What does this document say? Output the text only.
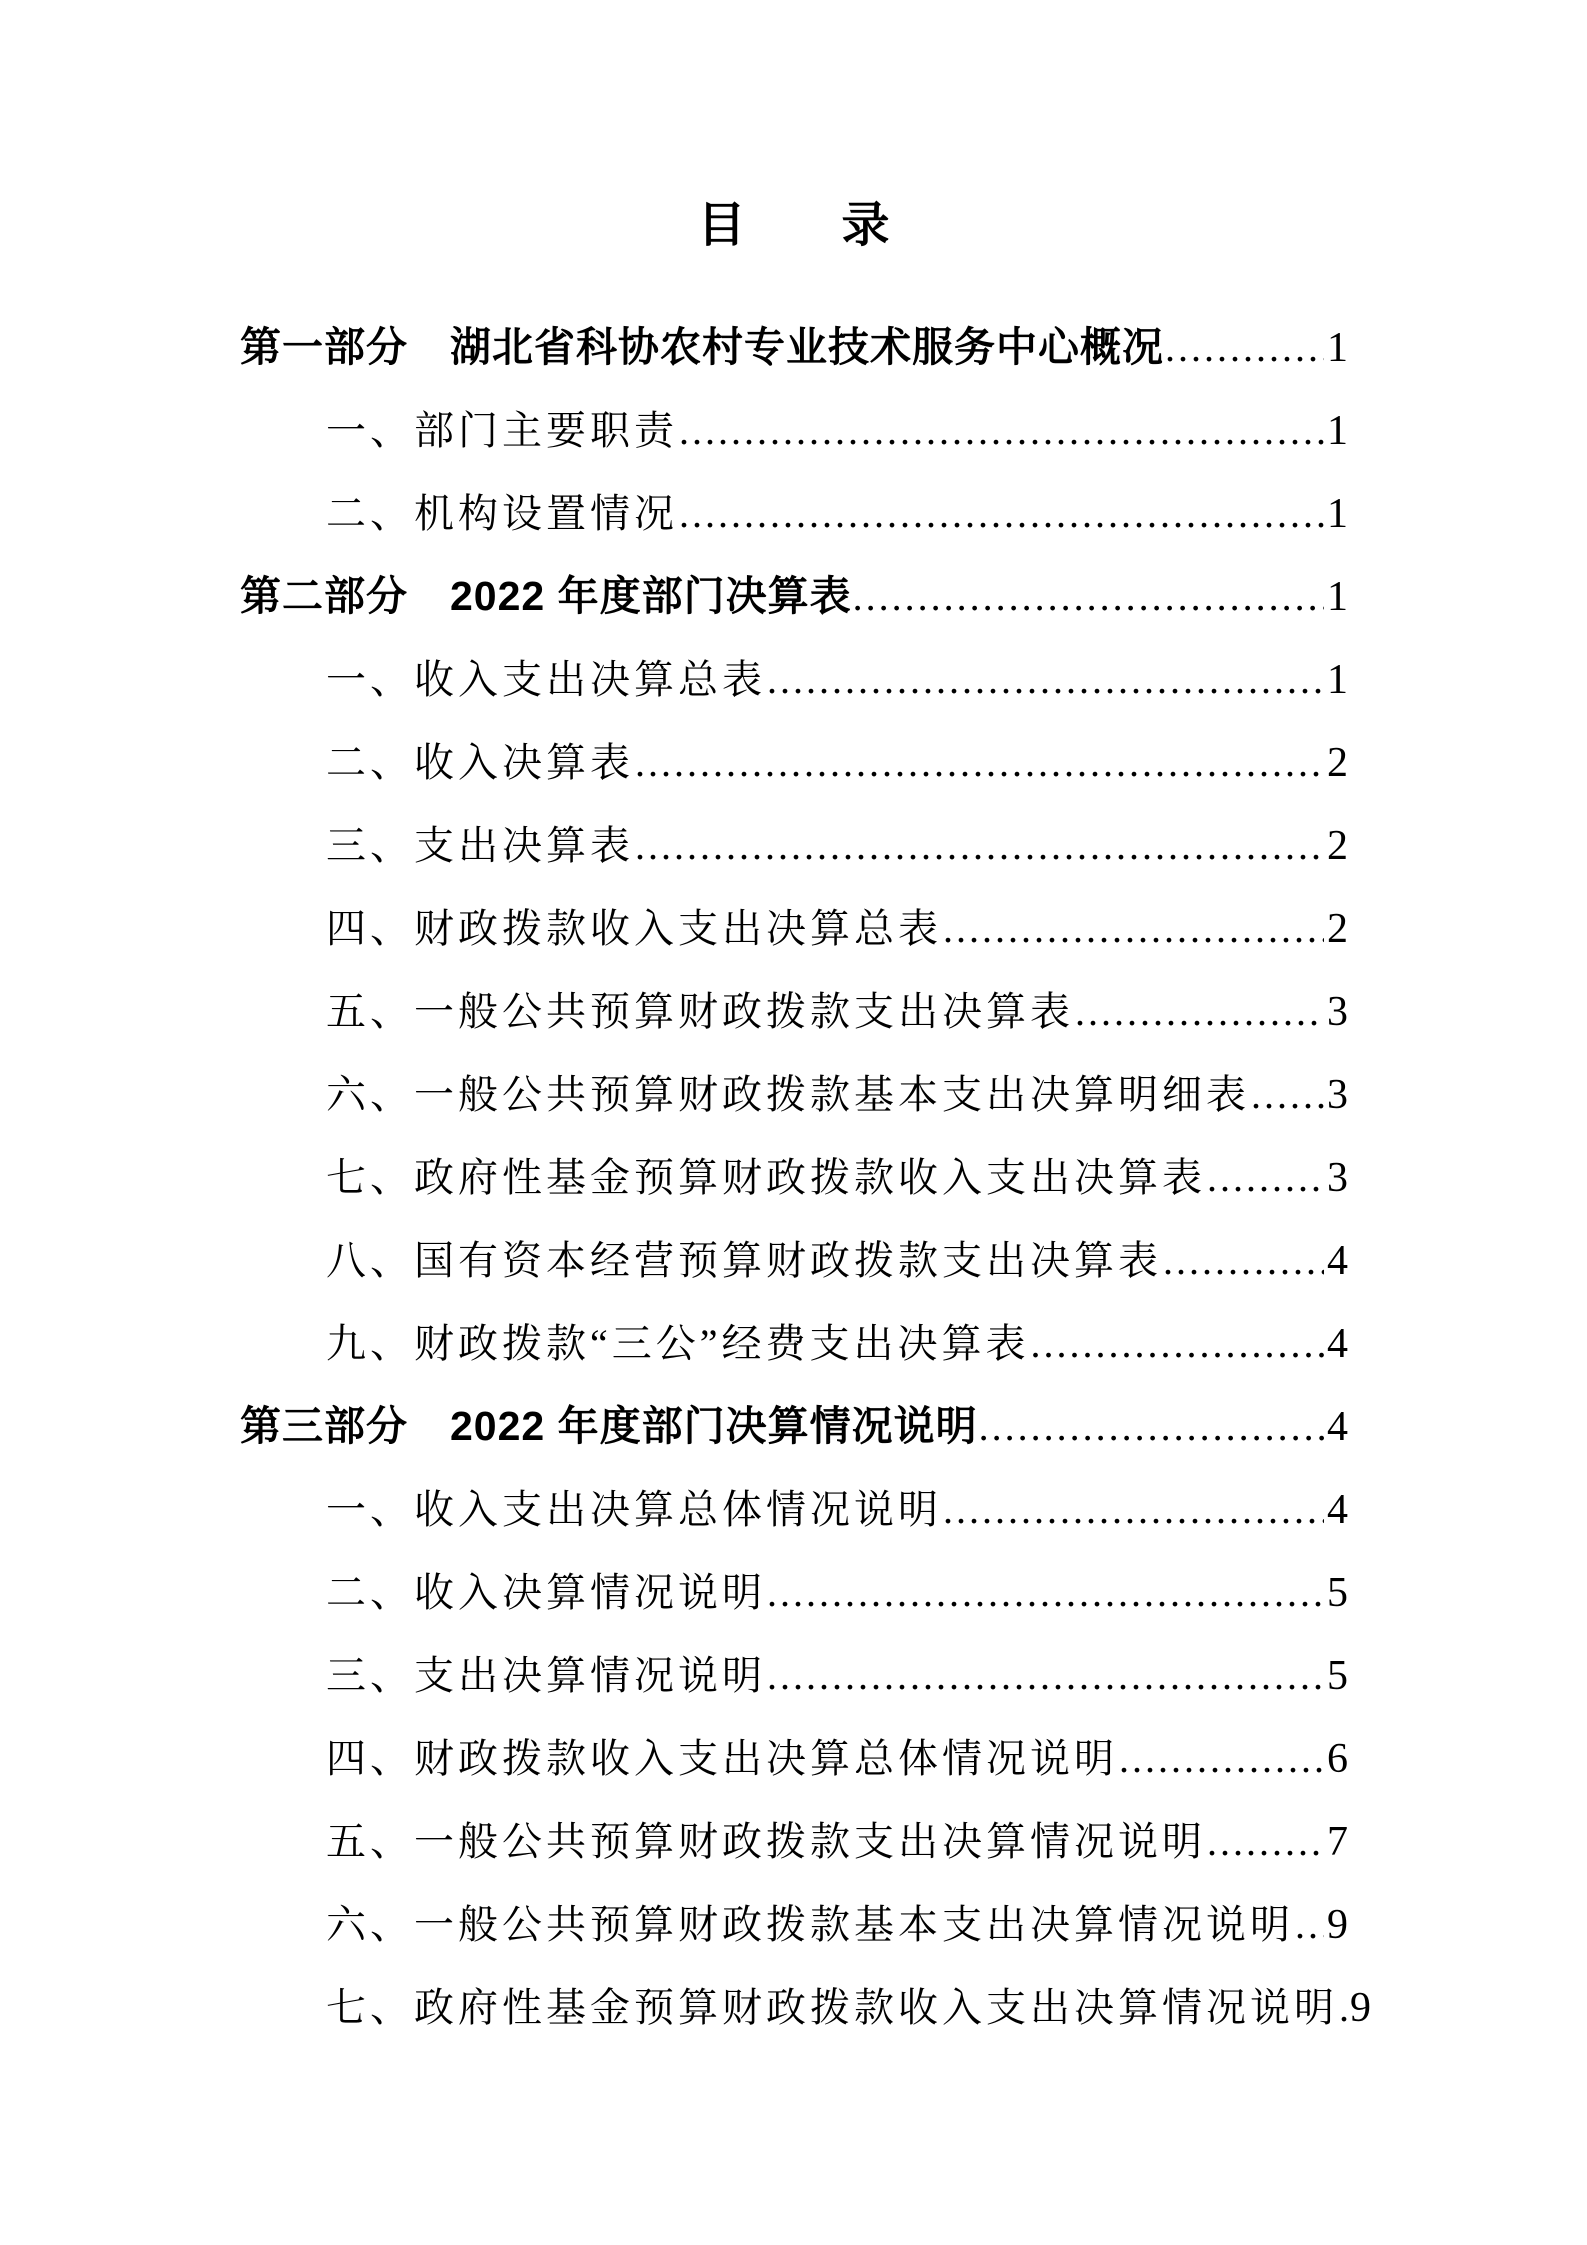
目　　录
第一部分　湖北省科协农村专业技术服务中心概况 .....	1
一、部门主要职责 .....	1
二、机构设置情况 .....	1
第二部分　2022 年度部门决算表 .....	1
一、收入支出决算总表 .....	1
二、收入决算表 .....	2
三、支出决算表 .....	2
四、财政拨款收入支出决算总表 .....	2
五、一般公共预算财政拨款支出决算表 .....	3
六、一般公共预算财政拨款基本支出决算明细表 ..... 3
七、政府性基金预算财政拨款收入支出决算表 .....	3
八、国有资本经营预算财政拨款支出决算表 .....	4
九、财政拨款“三公”经费支出决算表 .....	4
第三部分　2022 年度部门决算情况说明 .....	4
一、收入支出决算总体情况说明 .....	4
二、收入决算情况说明 .....	5
三、支出决算情况说明 .....	5
四、财政拨款收入支出决算总体情况说明 .....	6
五、一般公共预算财政拨款支出决算情况说明 .....	7
六、一般公共预算财政拨款基本支出决算情况说明 ..... 9
七、政府性基金预算财政拨款收入支出决算情况说明 ..... 9
